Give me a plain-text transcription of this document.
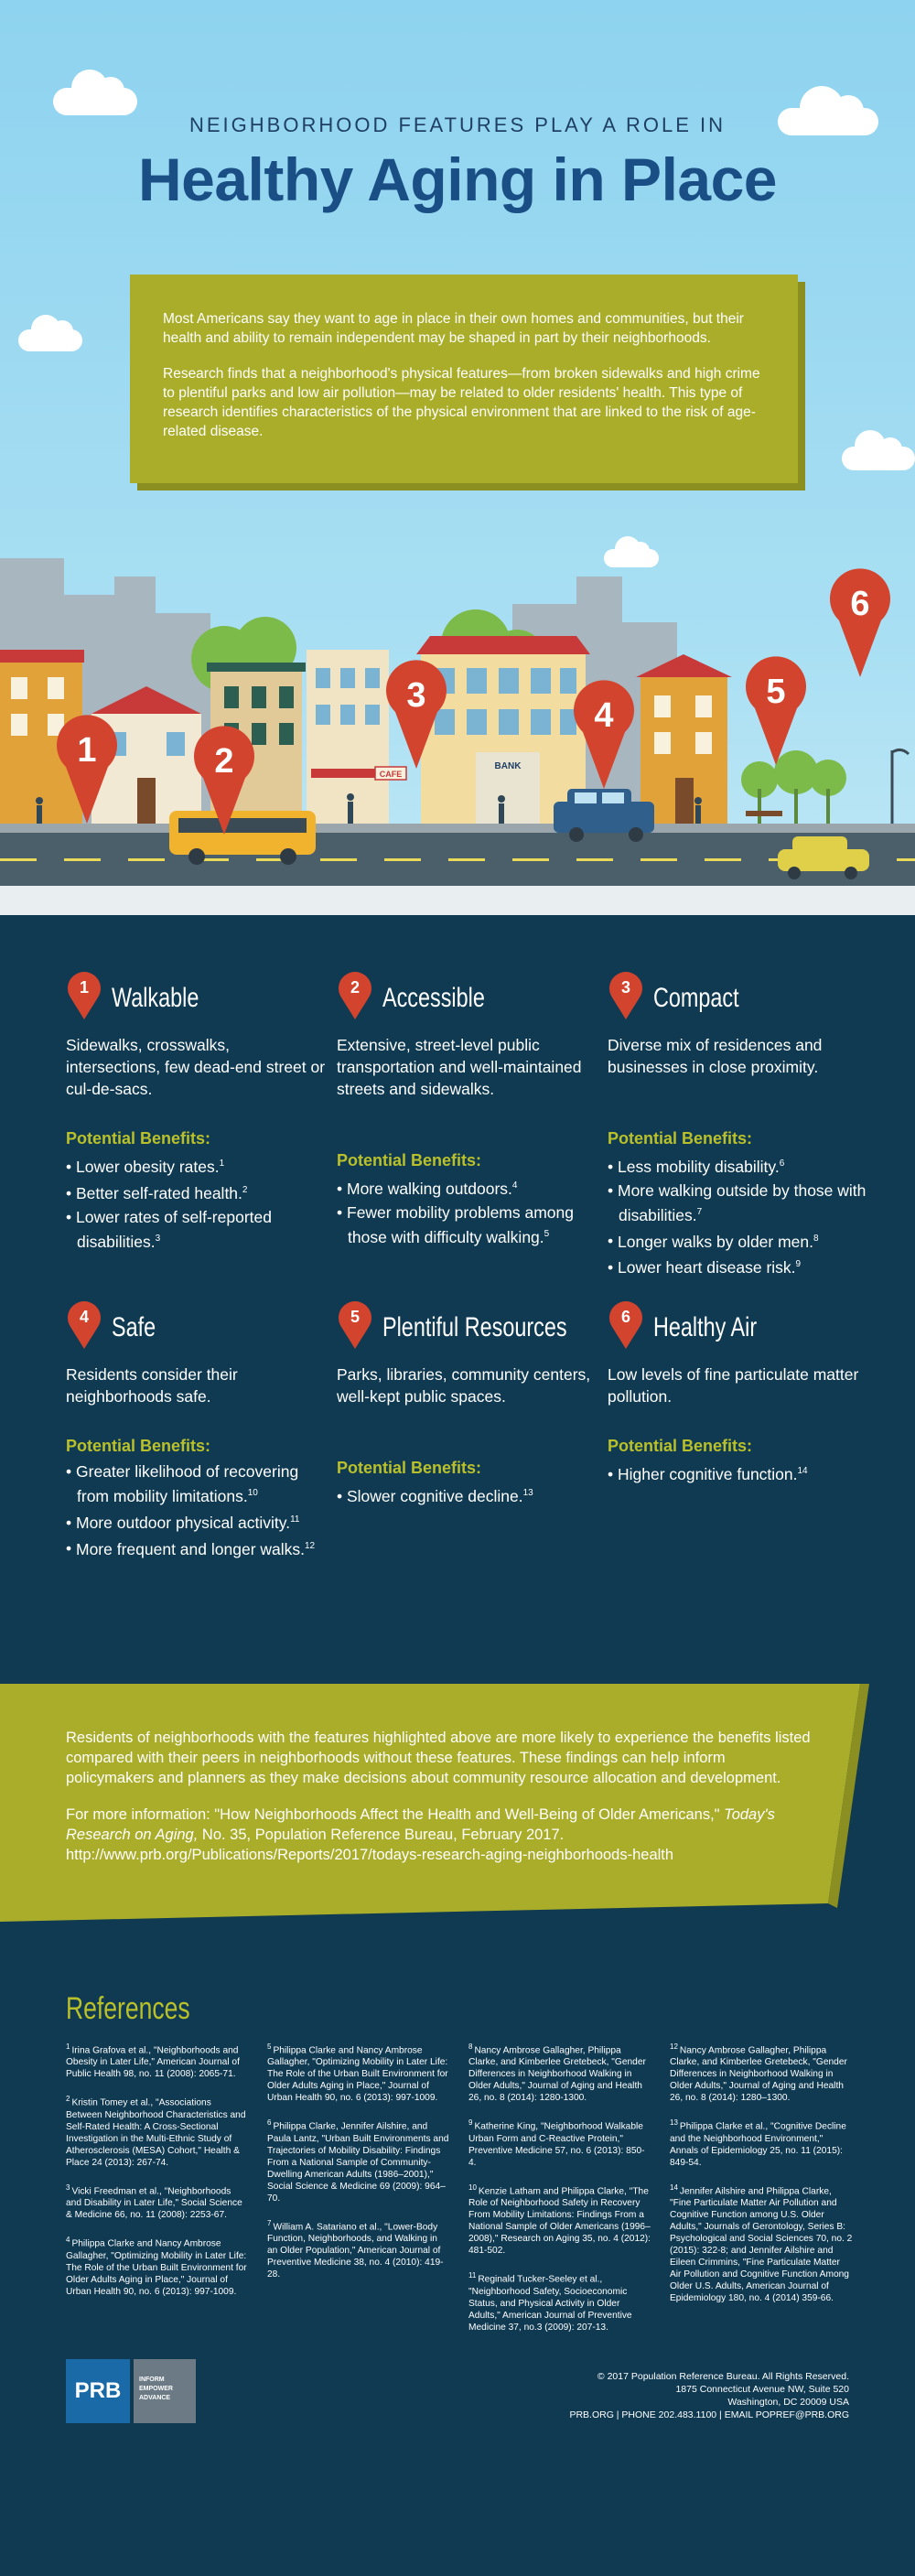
NEIGHBORHOOD FEATURES PLAY A ROLE IN
Healthy Aging in Place

Most Americans say they want to age in place in their own homes and communities, but their health and ability to remain independent may be shaped in part by their neighborhoods.

Research finds that a neighborhood's physical features—from broken sidewalks and high crime to plentiful parks and low air pollution—may be related to older residents' health. This type of research identifies characteristics of the physical environment that are linked to the risk of age-related disease.

CAFE
BANK
1	2
3
4
5
6
1 Walkable
Sidewalks, crosswalks, intersections, few dead-end street or cul-de-sacs.
Potential Benefits:
• Lower obesity rates.$^1$
• Better self-rated health.$^2$
• Lower rates of self-reported disabilities.$^3$
2 Accessible
Extensive, street-level public transportation and well-maintained streets and sidewalks.
Potential Benefits:
• More walking outdoors.$^4$
• Fewer mobility problems among those with difficulty walking.$^5$
3 Compact
Diverse mix of residences and businesses in close proximity.
Potential Benefits:
• Less mobility disability.$^6$
• More walking outside by those with disabilities.$^7$
• Longer walks by older men.$^8$
• Lower heart disease risk.$^9$
4 Safe
Residents consider their neighborhoods safe.
Potential Benefits:
• Greater likelihood of recovering from mobility limitations.$^{10}$
• More outdoor physical activity.$^{11}$
• More frequent and longer walks.$^{12}$
5 Plentiful Resources
Parks, libraries, community centers, well-kept public spaces.
Potential Benefits:
• Slower cognitive decline.$^{13}$
6 Healthy Air
Low levels of fine particulate matter pollution.
Potential Benefits:
• Higher cognitive function.$^{14}$

Residents of neighborhoods with the features highlighted above are more likely to experience the benefits listed compared with their peers in neighborhoods without these features. These findings can help inform policymakers and planners as they make decisions about community resource allocation and development.

For more information: "How Neighborhoods Affect the Health and Well-Being of Older Americans," Today's Research on Aging, No. 35, Population Reference Bureau, February 2017. http://www.prb.org/Publications/Reports/2017/todays-research-aging-neighborhoods-health

References
$^1$ Irina Grafova et al., "Neighborhoods and Obesity in Later Life," American Journal of Public Health 98, no. 11 (2008): 2065-71.
$^2$ Kristin Tomey et al., "Associations Between Neighborhood Characteristics and Self-Rated Health: A Cross-Sectional Investigation in the Multi-Ethnic Study of Atherosclerosis (MESA) Cohort," Health & Place 24 (2013): 267-74.
$^3$ Vicki Freedman et al., "Neighborhoods and Disability in Later Life," Social Science & Medicine 66, no. 11 (2008): 2253-67.
$^4$ Philippa Clarke and Nancy Ambrose Gallagher, "Optimizing Mobility in Later Life: The Role of the Urban Built Environment for Older Adults Aging in Place," Journal of Urban Health 90, no. 6 (2013): 997-1009.
$^5$ Philippa Clarke and Nancy Ambrose Gallagher, "Optimizing Mobility in Later Life: The Role of the Urban Built Environment for Older Adults Aging in Place," Journal of Urban Health 90, no. 6 (2013): 997-1009.
$^6$ Philippa Clarke, Jennifer Ailshire, and Paula Lantz, "Urban Built Environments and Trajectories of Mobility Disability: Findings From a National Sample of Community-Dwelling American Adults (1986–2001)," Social Science & Medicine 69 (2009): 964–70.
$^7$ William A. Satariano et al., "Lower-Body Function, Neighborhoods, and Walking in an Older Population," American Journal of Preventive Medicine 38, no. 4 (2010): 419-28.
$^8$ Nancy Ambrose Gallagher, Philippa Clarke, and Kimberlee Gretebeck, "Gender Differences in Neighborhood Walking in Older Adults," Journal of Aging and Health 26, no. 8 (2014): 1280-1300.
$^9$ Katherine King, "Neighborhood Walkable Urban Form and C-Reactive Protein," Preventive Medicine 57, no. 6 (2013): 850-4.
$^{10}$ Kenzie Latham and Philippa Clarke, "The Role of Neighborhood Safety in Recovery From Mobility Limitations: Findings From a National Sample of Older Americans (1996–2008)," Research on Aging 35, no. 4 (2012): 481-502.
$^{11}$ Reginald Tucker-Seeley et al., "Neighborhood Safety, Socioeconomic Status, and Physical Activity in Older Adults," American Journal of Preventive Medicine 37, no.3 (2009): 207-13.
$^{12}$ Nancy Ambrose Gallagher, Philippa Clarke, and Kimberlee Gretebeck, "Gender Differences in Neighborhood Walking in Older Adults," Journal of Aging and Health 26, no. 8 (2014): 1280–1300.
$^{13}$ Philippa Clarke et al., "Cognitive Decline and the Neighborhood Environment," Annals of Epidemiology 25, no. 11 (2015): 849-54.
$^{14}$ Jennifer Ailshire and Philippa Clarke, "Fine Particulate Matter Air Pollution and Cognitive Function among U.S. Older Adults," Journals of Gerontology, Series B: Psychological and Social Sciences 70, no. 2 (2015): 322-8; and Jennifer Ailshire and Eileen Crimmins, "Fine Particulate Matter Air Pollution and Cognitive Function Among Older U.S. Adults, American Journal of Epidemiology 180, no. 4 (2014) 359-66.
PRB	INFORM EMPOWER ADVANCE
© 2017 Population Reference Bureau. All Rights Reserved.
1875 Connecticut Avenue NW, Suite 520
Washington, DC 20009 USA
PRB.ORG | PHONE 202.483.1100 | EMAIL POPREF@PRB.ORG
